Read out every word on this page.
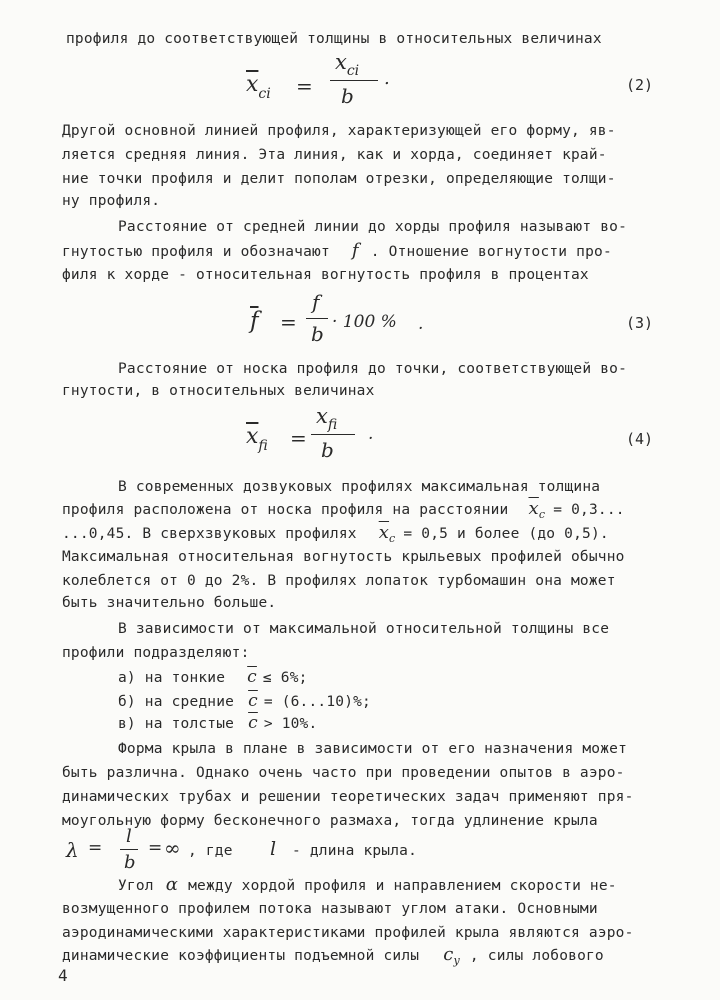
профиля до соответствующей толщины в относительных величинах
$\overline{x}_{ci}$ =
$x_{ci}$
b
.	(2)
Другой основной линией профиля, характеризующей его форму, яв-
ляется средняя линия. Эта линия, как и хорда, соединяет край-
ние точки профиля и делит пополам отрезки, определяющие толщи-
ну профиля.
Расстояние от средней линии до хорды профиля называют во-
гнутостью профиля и обозначают f . Отношение вогнутости про-
филя к хорде - относительная вогнутость профиля в процентах
$\overline{f}$ =
f
b · 100 % .	(3)
Расстояние от носка профиля до точки, соответствующей во-
гнутости, в относительных величинах
$\overline{x}_{fi}$ =
$x_{fi}$
b
.	(4)
В современных дозвуковых профилях максимальная толщина
профиля расположена от носка профиля на расстоянии $\overline{x}_c = 0,3$...
...0,45. В сверхзвуковых профилях $\overline{x}_c = 0,5$ и более (до 0,5).
Максимальная относительная вогнутость крыльевых профилей обычно
колеблется от 0 до 2%. В профилях лопаток турбомашин она может
быть значительно больше.
В зависимости от максимальной относительной толщины все
профили подразделяют:
а) на тонкие $\overline{c} \le 6\%$;
б) на средние $\overline{c} = (6...10)\%$;
в) на толстые $\overline{c} > 10\%$.
Форма крыла в плане в зависимости от его назначения может
быть различна. Однако очень часто при проведении опытов в аэро-
динамических трубах и решении теоретических задач применяют пря-
моугольную форму бесконечного размаха, тогда удлинение крыла
λ =
l
b
= ∞ , где l - длина крыла.
Угол α между хордой профиля и направлением скорости не-
возмущенного профилем потока называют углом атаки. Основными
аэродинамическими характеристиками профилей крыла являются аэро-
динамические коэффициенты подъемной силы $c_y$ , силы лобового
4
